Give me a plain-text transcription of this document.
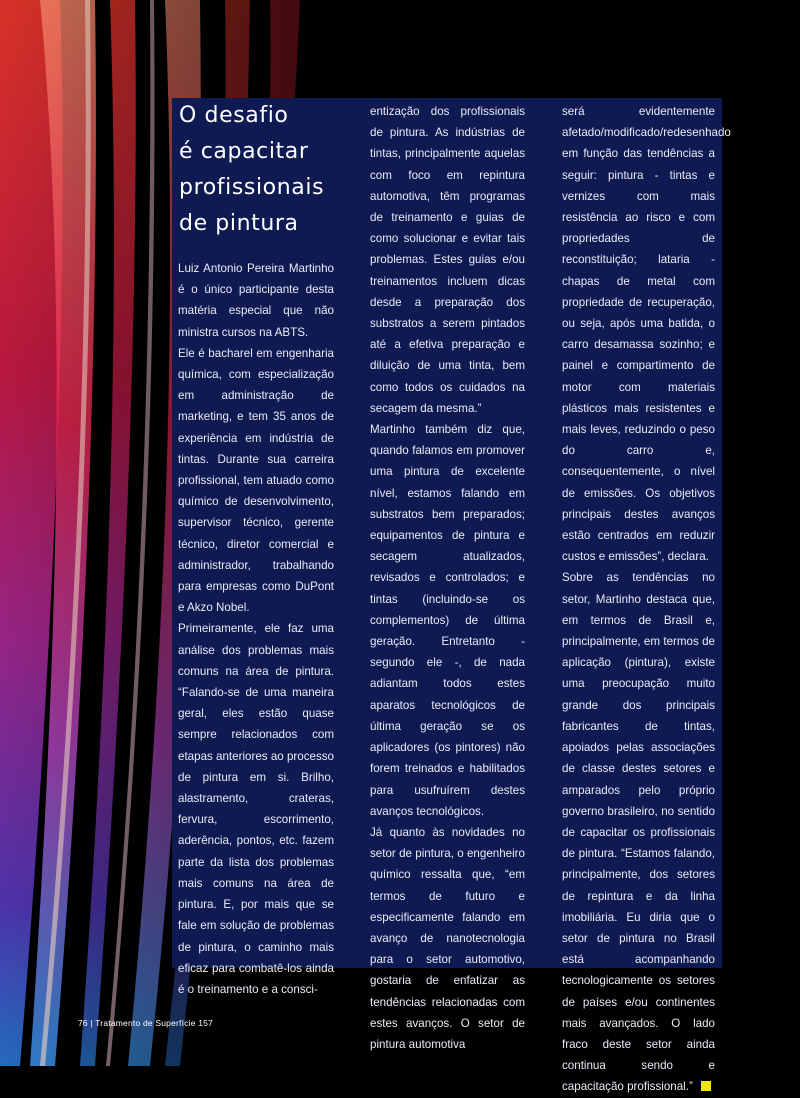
O desafio
é capacitar
profissionais
de pintura

Luiz Antonio Pereira Martinho é o único participante desta matéria especial que não ministra cursos na ABTS.

Ele é bacharel em engenharia química, com especialização em administração de marketing, e tem 35 anos de experiência em indústria de tintas. Durante sua carreira profissional, tem atuado como químico de desenvolvimento, supervisor técnico, gerente técnico, diretor comercial e administrador, trabalhando para empresas como DuPont e Akzo Nobel.

Primeiramente, ele faz uma análise dos problemas mais comuns na área de pintura. “Falando-se de uma maneira geral, eles estão quase sempre relacionados com etapas anteriores ao processo de pintura em si. Brilho, alastramento, crateras, fervura, escorrimento, aderência, pontos, etc. fazem parte da lista dos problemas mais comuns na área de pintura. E, por mais que se fale em solução de problemas de pintura, o caminho mais eficaz para combatê-los ainda é o treinamento e a consci-

entização dos profissionais de pintura. As indústrias de tintas, principalmente aquelas com foco em repintura automotiva, têm programas de treinamento e guias de como solucionar e evitar tais problemas. Estes guias e/ou treinamentos incluem dicas desde a preparação dos substratos a serem pintados até a efetiva preparação e diluição de uma tinta, bem como todos os cuidados na secagem da mesma.”

Martinho também diz que, quando falamos em promover uma pintura de excelente nível, estamos falando em substratos bem preparados; equipamentos de pintura e secagem atualizados, revisados e controlados; e tintas (incluindo-se os complementos) de última geração. Entretanto - segundo ele -, de nada adiantam todos estes aparatos tecnológicos de última geração se os aplicadores (os pintores) não forem treinados e habilitados para usufruírem destes avanços tecnológicos.

Já quanto às novidades no setor de pintura, o engenheiro químico ressalta que, “em termos de futuro e especificamente falando em avanço de nanotecnologia para o setor automotivo, gostaria de enfatizar as tendências relacionadas com estes avanços. O setor de pintura automotiva

será evidentemente afetado/modificado/redesenhado em função das tendências a seguir: pintura - tintas e vernizes com mais resistência ao risco e com propriedades de reconstituição; lataria - chapas de metal com propriedade de recuperação, ou seja, após uma batida, o carro desamassa sozinho; e painel e compartimento de motor com materiais plásticos mais resistentes e mais leves, reduzindo o peso do carro e, consequentemente, o nível de emissões. Os objetivos principais destes avanços estão centrados em reduzir custos e emissões”, declara.

Sobre as tendências no setor, Martinho destaca que, em termos de Brasil e, principalmente, em termos de aplicação (pintura), existe uma preocupação muito grande dos principais fabricantes de tintas, apoiados pelas associações de classe destes setores e amparados pelo próprio governo brasileiro, no sentido de capacitar os profissionais de pintura. “Estamos falando, principalmente, dos setores de repintura e da linha imobiliária. Eu diria que o setor de pintura no Brasil está acompanhando tecnologicamente os setores de países e/ou continentes mais avançados. O lado fraco deste setor ainda continua sendo e capacitação profissional.”

76 | Tratamento de Superfície 157
